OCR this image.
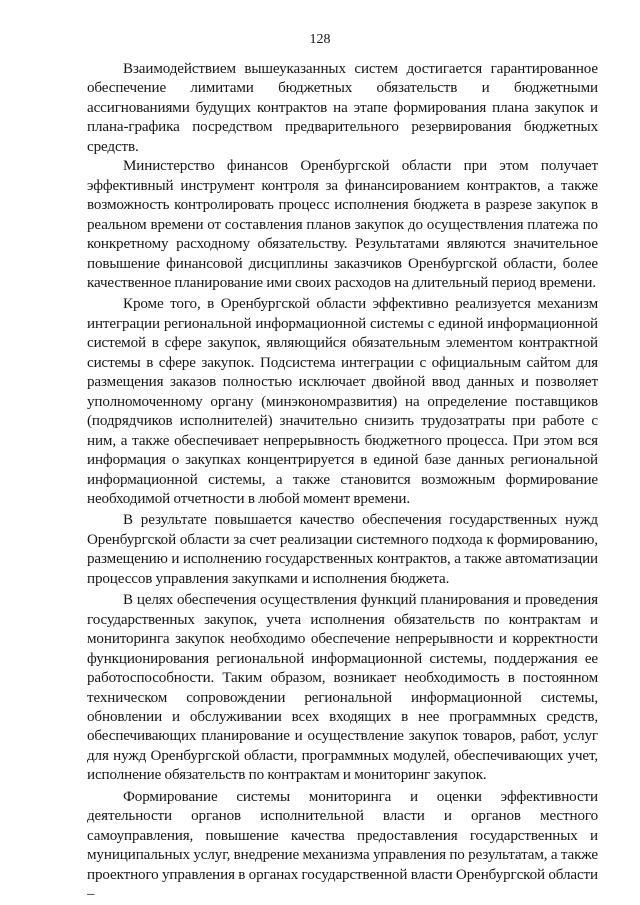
128

Взаимодействием вышеуказанных систем достигается гарантированное обеспечение лимитами бюджетных обязательств и бюджетными ассигнованиями будущих контрактов на этапе формирования плана закупок и плана-графика посредством предварительного резервирования бюджетных средств.

Министерство финансов Оренбургской области при этом получает эффективный инструмент контроля за финансированием контрактов, а также возможность контролировать процесс исполнения бюджета в разрезе закупок в реальном времени от составления планов закупок до осуществления платежа по конкретному расходному обязательству. Результатами являются значительное повышение финансовой дисциплины заказчиков Оренбургской области, более качественное планирование ими своих расходов на длительный период времени.

Кроме того, в Оренбургской области эффективно реализуется механизм интеграции региональной информационной системы с единой информационной системой в сфере закупок, являющийся обязательным элементом контрактной системы в сфере закупок. Подсистема интеграции с официальным сайтом для размещения заказов полностью исключает двойной ввод данных и позволяет уполномоченному органу (минэкономразвития) на определение поставщиков (подрядчиков исполнителей) значительно снизить трудозатраты при работе с ним, а также обеспечивает непрерывность бюджетного процесса. При этом вся информация о закупках концентрируется в единой базе данных региональной информационной системы, а также становится возможным формирование необходимой отчетности в любой момент времени.

В результате повышается качество обеспечения государственных нужд Оренбургской области за счет реализации системного подхода к формированию, размещению и исполнению государственных контрактов, а также автоматизации процессов управления закупками и исполнения бюджета.

В целях обеспечения осуществления функций планирования и проведения государственных закупок, учета исполнения обязательств по контрактам и мониторинга закупок необходимо обеспечение непрерывности и корректности функционирования региональной информационной системы, поддержания ее работоспособности. Таким образом, возникает необходимость в постоянном техническом сопровождении региональной информационной системы, обновлении и обслуживании всех входящих в нее программных средств, обеспечивающих планирование и осуществление закупок товаров, работ, услуг для нужд Оренбургской области, программных модулей, обеспечивающих учет, исполнение обязательств по контрактам и мониторинг закупок.

Формирование системы мониторинга и оценки эффективности деятельности органов исполнительной власти и органов местного самоуправления, повышение качества предоставления государственных и муниципальных услуг, внедрение механизма управления по результатам, а также проектного управления в органах государственной власти Оренбургской области –
